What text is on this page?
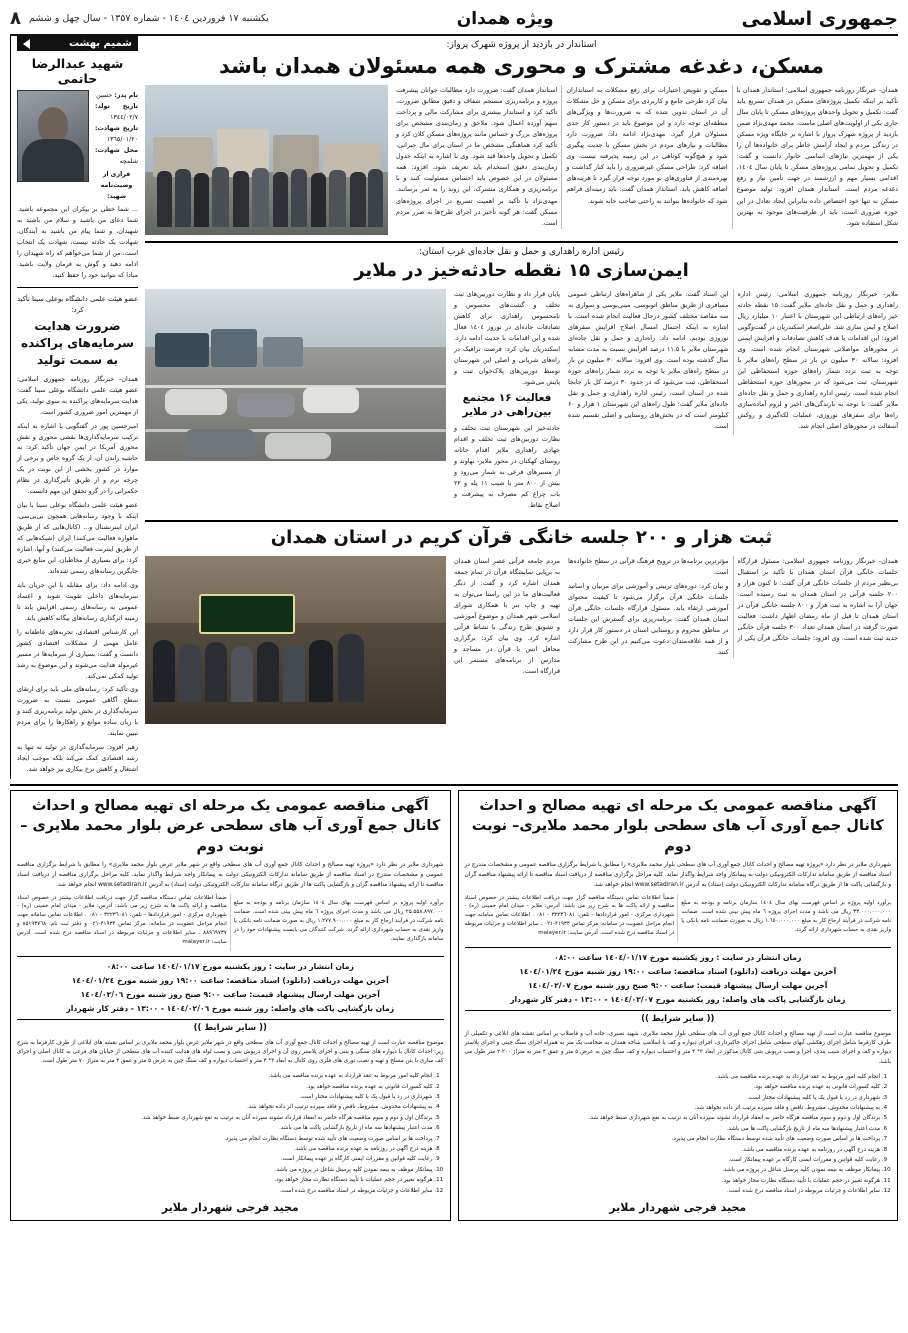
جمهوری اسلامی
ویژه همدان
یکشنبه ۱۷ فروردین ۱٤۰٤ - شماره ۱۳۵۷ - سال چهل و ششم
۸
استاندار در بازدید از پروژه شهرک پرواز:
مسکن، دغدغه مشترک و محوری همه مسئولان همدان باشد

همدان- خبرنگار روزنامه جمهوری اسلامی: استاندار همدان با تأکید بر اینکه تکمیل پروژه‌های مسکن در همدان تسریع یابد گفت: تکمیل و تحویل واحدهای پروژه‌های مسکن تا پایان سال جاری یکی از اولویت‌های اصلی ماست. محمد مهدی‌نژاد ضمن بازدید از پروژه شهرک پرواز با اشاره بر جایگاه ویژه مسکن در زندگی مردم و ایجاد آرامش خاطر برای خانواده‌ها آن را یکی از مهمترین نیازهای اساسی خانوار دانست و گفت: تکمیل و تحویل تمامی پروژه‌های مسکن تا پایان سال ۱٤۰٤، اقدامی بسیار مهم و ارزشمند در جهت تأمین نیاز و رفع دغدغه مردم است. استاندار همدان افزود: تولید موضوع مسکن نه تنها خود اختصاص داده بنابراین ایجاد تعادل در این حوزه ضروری است، باید از ظرفیت‌های موجود به بهترین شکل استفاده شود.

مسکن و تقویض اختیارات برای رفع مشکلات به استانداران بیان کرد طرحی جامع و کاربردی برای مسکن و حل مشکلات آن در استان تدوین شده که به ضرورت‌ها و ویژگی‌های منطقه‌ای توجه دارد و این موضوع باید در دستور کار جدی مسئولان قرار گیرد. مهدی‌نژاد ادامه داد: ضرورت دارد مطالبات و نیازهای مردم در بخش مسکن با جدیت پیگیری شود و هیچ‌گونه کوتاهی در این زمینه پذیرفته نیست. وی اضافه کرد: طراحی مسکن غیرضروری را باید کنار گذاشت و بهره‌مندی از فناوری‌های نو مورد توجه قرار گیرد تا هزینه‌های اضافه کاهش یابد. استاندار همدان گفت: باید زمینه‌ای فراهم شود که خانواده‌ها بتوانند به راحتی صاحب خانه شوند.

استاندار همدان گفت: ضرورت دارد مطالبات جوانان پیشرفت پروژه و برنامه‌ریزی منسجم شفاف و دقیق مطابق ضرورت، تأکید کرد و استاندار بیشتری برای مشارکت مالی و پرداخت سهم آورده اعمال شود. ملاحق و زمان‌بندی مشخص برای پروژه‌های بزرگ و حساس مانند پروژه‌های مسکن کلان کرد و تأکید کرد هماهنگی مشخص ما در استان برای مال جبرانی، تکمیل و تحویل واحدها قید شود. وی با اشاره به اینکه جدول زمان‌بندی دقیق استخدام باید تعریف شود، افزود: همه مسئولان در این خصوص باید احساس مسئولیت کنند و با برنامه‌ریزی و همکاری مشترک، این روند را به ثمر برسانند. مهدی‌نژاد با تأکید بر اهمیت تسریع در اجرای پروژه‌های مسکن گفت: هر گونه تأخیر در اجرای طرح‌ها به ضرر مردم است.

رئیس اداره راهداری و حمل و نقل جاده‌ای غرب استان:
ایمن‌سازی ۱۵ نقطه حادثه‌خیز در ملایر

ملایر- خبرنگار روزنامه جمهوری اسلامی: رئیس اداره راهداری و حمل و نقل جاده‌ای ملایر گفت: ۱۵ نقطه حادثه خیز راه‌های ارتباطی این شهرستان با اعتبار ۱۰ میلیارد ریال اصلاح و ایمن سازی شد. علی‌اصغر اسکندریان در گفت‌وگویی افزود: این اقدامات با هدف کاهش تصادفات و افزایش ایمنی در محورهای مواصلاتی شهرستان انجام شده است. وی افزود: سالانه ۳۰ میلیون تن بار در سطح راه‌های ملایر با توجه به ثبت تردد شمار راه‌های حوزه استحفاظی این شهرستان، ثبت می‌شود که در محورهای حوزه استحفاظی انجام شده است. رئیس اداره راهداری و حمل و نقل جاده‌ای ملایر گفت: با توجه به بارندگی‌های اخیر و لزوم آماده‌سازی راه‌ها برای سفرهای نوروزی، عملیات لکه‌گیری و روکش آسفالت در محورهای اصلی انجام شد.

این اسناد گفت: ملایر یکی از شاهراه‌های ارتباطی عمومی مسافری از طریق مناطق اتوبوسی، مینی‌بوسی و سواری به سه مقاصد مختلف کشور درحال فعالیت انجام شده است. با اشاره به اینکه احتمال امسال اصلاح افزایش سفرهای نوروزی بودیم، ادامه داد: راه‌داری و حمل و نقل جاده‌ای شهرستان ملایر با ۱۱.۵ درصد افزایش نسبت به مدت مشابه سال گذشته بوده است. وی افزود: سالانه ۳۰ میلیون تن بار در سطح راه‌های ملایر با توجه به تردد شمار راه‌های حوزه استحفاظی، ثبت می‌شود که در حدود ۳۰ درصد کل بار جابجا شده در استان است. رئیس اداره راهداری و حمل و نقل جاده‌ای ملایر گفت: طول راه‌های این شهرستان ۱ هزار و ۶۰ کیلومتر است که در بخش‌های روستایی و اصلی تقسیم شده است.

پایان قرار داد و نظارت دوربین‌های ثبت تخلف و گشت‌های محسوس و نامحسوس راهداری برای کاهش تصادفات جاده‌ای در نوروز ۱٤۰٤ فعال شده و این اقدامات با جدیت ادامه دارد. اسکندریان بیان کرد: فرصت ترافیک در راه‌های شریانی و اصلی این شهرستان توسط دوربین‌های پلاک‌خوان ثبت و پایش می‌شود.

فعالیت ۱۶ مجتمع بین‌راهی در ملایر

حادثه‌خیز این شهرستان ثبت تخلف و نظارت دوربین‌های ثبت تخلف و اقدام جهادی راهداری ملایر اقدام جانانه روستای کهکنان در محور ملایر- نهاوند و از مسیرهای فرعی به شمار می‌رود و بیش از ۸۰۰ متر با شیب ۱۱ پله و ۲۲ باب چراغ کم مصرف به پیشرفت و اصلاح نقاط.

ثبت هزار و ۲۰۰ جلسه خانگی قرآن کریم در استان همدان

همدان- خبرنگار روزنامه جمهوری اسلامی: مسئول قرارگاه جلسات خانگی قرآن استان همدان با تأکید بر استقبال بی‌نظیر مردم از جلسات خانگی قرآن گفت: تا کنون هزار و ۲۰۰ جلسه قرآنی در استان همدان به ثبت رسیده است. جهان آرا به اشاره به ثبت هزار و ۸۰۰ جلسه خانگی قرآن در استان همدان تا قبل از ماه رمضان اظهار داشت: فعالیت صورت گرفته در استان همدان تعداد ۳۰۰ جلسه قرآن خانگی جدید ثبت شده است. وی افزود: جلسات خانگی قرآن یکی از مؤثرترین برنامه‌ها در ترویج فرهنگ قرآنی در سطح خانواده‌ها است.

و بیان کرد: دوره‌های تربیتی و آموزشی برای مربیان و اساتید جلسات خانگی قرآن برگزار می‌شود تا کیفیت محتوای آموزشی ارتقاء یابد. مسئول قرارگاه جلسات خانگی قرآن استان همدان گفت: برنامه‌ریزی برای گسترش این جلسات در مناطق محروم و روستایی استان در دستور کار قرار دارد و از همه علاقه‌مندان دعوت می‌کنیم در این طرح مشارکت کنند.

مردم جامعه قرآنی عصر استان همدان به برپایی نمایشگاه قرآن در تمام جمعه همدان اشاره کرد و گفت: از دیگر فعالیت‌های ما در این راستا می‌توان به تهیه و چاپ بنر با همکاری شورای اسلامی شهر همدان و موضوع آموزشی و تشویق طرح زندگی با نشاط قرآنی اشاره کرد. وی بیان کرد: برگزاری محافل انس با قرآن در مساجد و مدارس از برنامه‌های مستمر این قرارگاه است.

شمیم بهشت
شهید عبدالرضا حاتمی
نام پدر: حسین
تاریخ تولد: ۱۳٤٤/۰۲/۷
تاریخ شهادت: ۱۳٦٥/۰۱/۲۰
محل شهادت: شلمچه
فرازی از وصیت‌نامه شهید:

... شما خطی بر بیکران این مجموعه باشید. شما دعای من باشید و سلام من باشید به شهیدان، و شما پیام من باشید به آیندگان. شهادت یک حادثه نیست، شهادت یک انتخاب است. من از شما می‌خواهم که راه شهیدان را ادامه دهید و گوش به فرمان ولایت باشید. مبادا که نتوانید خود را حفظ کنید.

عضو هیئت علمی دانشگاه بوعلی سینا تأکید کرد:
ضرورت هدایت سرمایه‌های پراکنده به سمت تولید

همدان- خبرنگار روزنامه جمهوری اسلامی: عضو هیئت علمی دانشگاه بوعلی سینا گفت: هدایت سرمایه‌های پراکنده به سوی تولید، یکی از مهمترین امور ضروری کشور است.

امیرحسین پور در گفتگویی با اشاره به اینکه ترکیب سرمایه‌گذاری‌ها نقشی محوری و نقش محوری آمریکا در ایمن جهان تأکید کرد: به حاشیه راندن آن، از یک گروه خاص و برخی از موارد در کشور بخشی از این نوبت در یک چرخه نرم و از طریق تأثیرگذاری در نظام حکمرانی را در گرو تحقق این مهم دانست.

عضو هیئت علمی دانشگاه بوعلی سینا با بیان اینکه با وجود رسانه‌هایی همچون بی‌بی‌سی، ایران اینترنشنال و... (کانال‌هایی که از طریق ماهواره فعالیت می‌کنند) ایران (شبکه‌هایی که از طریق اینترنت فعالیت می‌کنند) و آنها، اشاره کرد: برای بسیاری از مخاطبان، این منابع خبری جایگزین رسانه‌های رسمی شده‌اند.

وی ادامه داد: برای مقابله با این جریان باید سرمایه‌های داخلی تقویت شوند و اعتماد عمومی به رسانه‌های رسمی افزایش یابد تا زمینه اثرگذاری رسانه‌های بیگانه کاهش یابد.

این کارشناس اقتصادی، تجربه‌های عاطفانه را عامل مهمی از مشکلات اقتصادی کشور دانست و گفت: بسیاری از سرمایه‌ها در مسیر غیرمولد هدایت می‌شوند و این موضوع به رشد تولید کمکی نمی‌کند.

وی تأکید کرد: رسانه‌های ملی باید برای ارتقای سطح آگاهی عمومی نسبت به ضرورت سرمایه‌گذاری در بخش تولید برنامه‌ریزی کنند و با زبان ساده موانع و راهکارها را برای مردم تبیین نمایند.

رهبر افزود: سرمایه‌گذاری در تولید نه تنها به رشد اقتصادی کمک می‌کند بلکه موجب ایجاد اشتغال و کاهش نرخ بیکاری نیز خواهد شد.

آگهی مناقصه عمومی یک مرحله ای تهیه مصالح و احداث کانال جمع آوری آب های سطحی بلوار محمد ملایری– نوبت دوم
شهرداری ملایر در نظر دارد «پروژه تهیه مصالح و احداث کانال جمع آوری آب های سطحی بلوار محمد ملایری» را مطابق با شرایط برگزاری مناقصه عمومی و مشخصات مندرج در اسناد مناقصه از طریق سامانه تدارکات الکترونیکی دولت به پیمانکار واجد شرایط واگذار نماید. کلیه مراحل برگزاری مناقصه از دریافت اسناد مناقصه تا ارائه پیشنهاد مناقصه گران و بازگشایی پاکت ها از طریق درگاه سامانه تدارکات الکترونیکی دولت (ستاد) به آدرس www.setadiran.ir انجام خواهد شد.

برآورد اولیه پروژه بر اساس فهرست بهای سال ۱٤۰٤ سازمان برنامه و بودجه به مبلغ ۳۳.۰۰۰.۰۰۰.۰۰۰ ریال می باشد و مدت اجرای پروژه ٦ ماه پیش بینی شده است. ضمانت نامه شرکت در فرآیند ارجاع کار به مبلغ ۱.٦٥۰.۰۰۰.۰۰۰ ریال به صورت ضمانت نامه بانکی یا واریز نقدی به حساب شهرداری ارائه گردد.

ضمناً اطلاعات تماس دستگاه مناقصه گزار جهت دریافت اطلاعات بیشتر در خصوص اسناد مناقصه و ارائه پاکت ها به شرح زیر می باشد: آدرس: ملایر - میدان امام خمینی (ره) - شهرداری مرکزی - امور قراردادها - تلفن: ۳۲۲۳٦۰۸۱ - ۰۸۱ . اطلاعات تماس سامانه جهت انجام مراحل عضویت در سامانه: مرکز تماس ۴۱۹۳۴-۰۲۱ . سایر اطلاعات و جزئیات مربوطه در اسناد مناقصه درج شده است. آدرس سایت: malayer.ir

زمان انتشار در سایت : روز یکشنبه مورخ ۱٤۰٤/۰۱/۱٧ ساعت ۰۸:۰۰
آخرین مهلت دریافت (دانلود) اسناد مناقصه: ساعت ۱۹:۰۰ روز شنبه مورخ ۱٤۰٤/۰۱/۲٤
آخرین مهلت ارسال پیشنهاد قیمت: ساعت ۹:۰۰ صبح روز شنبه مورخ ۱٤۰٤/۰۲/۰٧
زمان بازگشایی پاکت های واصله: روز یکشنبه مورخ ۱٤۰٤/۰۲/۰٧ - ۱۳:۰۰ - دفتر کار شهردار
(( سایر شرایط ))

موضوع مناقصه عبارت است از تهیه مصالح و احداث کانال جمع آوری آب های سطحی بلوار محمد ملایری، شهید نصیری، جاده آب و فاضلاب بر اساس نقشه های ابلاغی و تکمیلی از طرف کارفرما شامل اجرای زهکشی آبهای سطحی شامل اجرای خاکبرداری، اجرای دیواره و کف با اسلامپ شاخه همدان به ضخامت یک متر به همراه اجرای سنگ چینی و اجرای پلاستر دیواره و کف و اجرای شیب بندی، اجرا و نصب درپوش بتنی کانال مذکور در ابعاد ۳* ۴ متر و احتساب دیواره و کف سنگ چین به عرض ۵ متر و عمق ۴ متر به متراژ ۲.۲۰۰ متر طول می باشد.

1. انجام کلیه امور مربوط به عقد قرارداد به عهده برنده مناقصه می باشد.
2. کلیه کسورات قانونی به عهده برنده مناقصه خواهد بود.
3. شهرداری در رد یا قبول یک یا کلیه پیشنهادات مختار است.
4. به پیشنهادات مخدوش، مشروط، ناقص و فاقد سپرده ترتیب اثر داده نخواهد شد.
5. برندگان اول و دوم و سوم مناقصه هرگاه حاضر به انعقاد قرارداد نشوند سپرده آنان به ترتیب به نفع شهرداری ضبط خواهد شد.
6. مدت اعتبار پیشنهادها سه ماه از تاریخ بازگشایی پاکت ها می باشد.
7. پرداخت ها بر اساس صورت وضعیت های تأیید شده توسط دستگاه نظارت انجام می پذیرد.
8. هزینه درج آگهی در روزنامه به عهده برنده مناقصه می باشد.
9. رعایت کلیه قوانین و مقررات ایمنی کارگاه بر عهده پیمانکار است.
10. پیمانکار موظف به بیمه نمودن کلیه پرسنل شاغل در پروژه می باشد.
11. هرگونه تغییر در حجم عملیات با تأیید دستگاه نظارت مجاز خواهد بود.
12. سایر اطلاعات و جزئیات مربوطه در اسناد مناقصه درج شده است.
مجید فرجی شهردار ملایر
آگهی مناقصه عمومی یک مرحله ای تهیه مصالح و احداث کانال جمع آوری آب های سطحی عرض بلوار محمد ملایری – نوبت دوم
شهرداری ملایر در نظر دارد «پروژه تهیه مصالح و احداث کانال جمع آوری آب های سطحی واقع در شهر ملایر عرض بلوار محمد ملایری» را مطابق با شرایط برگزاری مناقصه عمومی و مشخصات مندرج در اسناد مناقصه از طریق سامانه تدارکات الکترونیکی دولت به پیمانکار واجد شرایط واگذار نماید. کلیه مراحل برگزاری مناقصه از دریافت اسناد مناقصه تا ارائه پیشنهاد مناقصه گران و بازگشایی پاکت ها از طریق درگاه سامانه تدارکات الکترونیکی دولت (ستاد) به آدرس www.setadiran.ir انجام خواهد شد.

برآورد اولیه پروژه بر اساس فهرست بهای سال ۱٤۰٤ سازمان برنامه و بودجه به مبلغ ۲۵.۵۵٨.۸۹۷.۰۰۰ ریال می باشد و مدت اجرای پروژه ٦ ماه پیش بینی شده است. ضمانت نامه شرکت در فرآیند ارجاع کار به مبلغ ۱.۲۷۷.۹۰۰.۰۰۰ ریال به صورت ضمانت نامه بانکی یا واریز نقدی به حساب شهرداری ارائه گردد. شرکت کنندگان می بایست پیشنهادات خود را در سامانه بارگذاری نمایند.

ضمناً اطلاعات تماس دستگاه مناقصه گزار جهت دریافت اطلاعات بیشتر در خصوص اسناد مناقصه و ارائه پاکت ها به شرح زیر می باشد: آدرس: ملایر - میدان امام خمینی (ره) - شهرداری مرکزی - امور قراردادها - تلفن: ۳۲۲۳٦۰۸۱ - ۰۸۱ . اطلاعات تماس سامانه جهت انجام مراحل عضویت در سامانه: مرکز تماس ۴۱۹۳۴-۰۲۱ و دفتر ثبت نام: ۸۵۱۹۳٧٦٨ و ۸۸٩٦٩٧٣٧ . سایر اطلاعات و جزئیات مربوطه در اسناد مناقصه درج شده است. آدرس سایت: malayer.ir

زمان انتشار در سایت : روز یکشنبه مورخ ۱٤۰٤/۰۱/۱٧ ساعت ۰۸:۰۰
آخرین مهلت دریافت (دانلود) اسناد مناقصه: ساعت ۱۹:۰۰ روز شنبه مورخ ۱٤۰٤/۰۱/۲٤
آخرین مهلت ارسال پیشنهاد قیمت: ساعت ۹:۰۰ صبح روز شنبه مورخ ۱٤۰٤/۰۲/۰٦
زمان بازگشایی پاکت های واصله: روز شنبه مورخ ۱٤۰٤/۰۲/۰٦ - ۱۳:۰۰ - دفتر کار شهردار
(( سایر شرایط ))

موضوع مناقصه عبارت است از تهیه مصالح و احداث کانال جمع آوری آب های سطحی واقع در شهر ملایر عرض بلوار محمد ملایری بر اساس نقشه های ابلاغی از طرف کارفرما به شرح زیر: احداث کانال با دیواره های سنگی و بتنی و اجرای پلاستر روی آن و اجرای درپوش بتنی و نصب لوله های هدایت کننده آب های سطحی از خیابان های فرعی به کانال اصلی و اجرای کف سازی با بتن مسلح و تهیه و نصب توری های فلزی روی کانال به ابعاد ۳* ۴ متر و احتساب دیواره و کف سنگ چین به عرض ۵ متر و عمق ۴ متر به متراژ ۷۰ متر طول است.

1. انجام کلیه امور مربوط به عقد قرارداد به عهده برنده مناقصه می باشد.
2. کلیه کسورات قانونی به عهده برنده مناقصه خواهد بود.
3. شهرداری در رد یا قبول یک یا کلیه پیشنهادات مختار است.
4. به پیشنهادات مخدوش، مشروط، ناقص و فاقد سپرده ترتیب اثر داده نخواهد شد.
5. برندگان اول و دوم و سوم مناقصه هرگاه حاضر به انعقاد قرارداد نشوند سپرده آنان به ترتیب به نفع شهرداری ضبط خواهد شد.
6. مدت اعتبار پیشنهادها سه ماه از تاریخ بازگشایی پاکت ها می باشد.
7. پرداخت ها بر اساس صورت وضعیت های تأیید شده توسط دستگاه نظارت انجام می پذیرد.
8. هزینه درج آگهی در روزنامه به عهده برنده مناقصه می باشد.
9. رعایت کلیه قوانین و مقررات ایمنی کارگاه بر عهده پیمانکار است.
10. پیمانکار موظف به بیمه نمودن کلیه پرسنل شاغل در پروژه می باشد.
11. هرگونه تغییر در حجم عملیات با تأیید دستگاه نظارت مجاز خواهد بود.
12. سایر اطلاعات و جزئیات مربوطه در اسناد مناقصه درج شده است.
مجید فرجی شهردار ملایر
